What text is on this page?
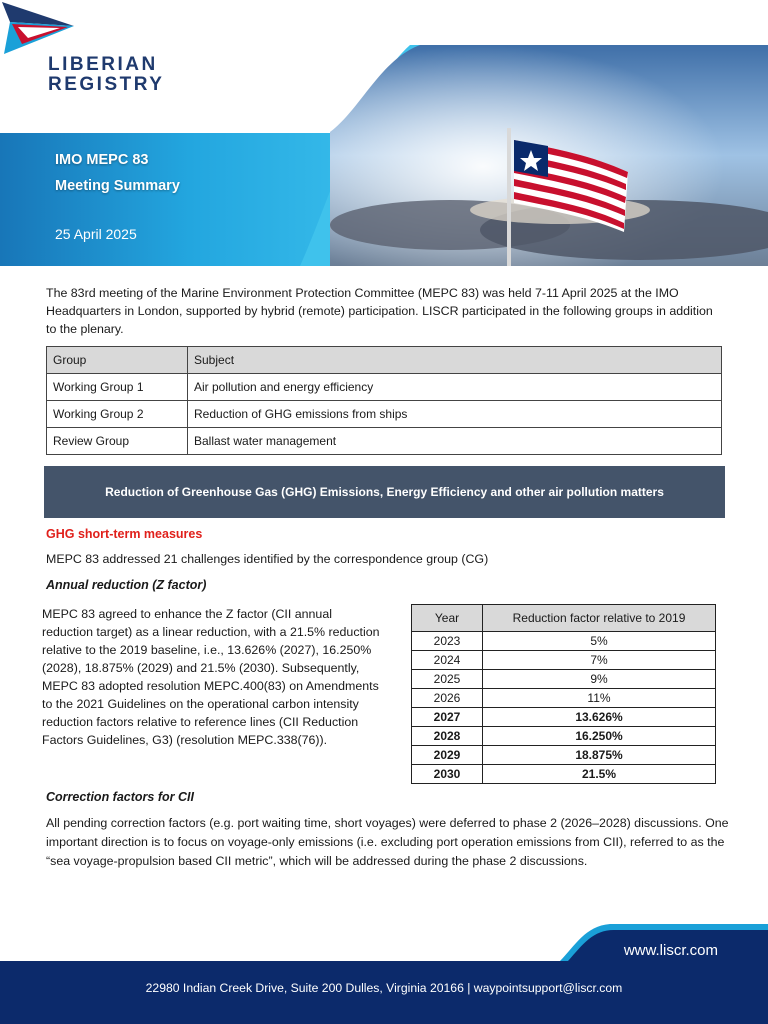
LIBERIAN
REGISTRY
IMO MEPC 83
Meeting Summary
25 April 2025

The 83rd meeting of the Marine Environment Protection Committee (MEPC 83) was held 7-11 April 2025 at the IMO Headquarters in London, supported by hybrid (remote) participation. LISCR participated in the following groups in addition to the plenary.

Group	Subject
Working Group 1	Air pollution and energy efficiency
Working Group 2	Reduction of GHG emissions from ships
Review Group	Ballast water management
Reduction of Greenhouse Gas (GHG) Emissions, Energy Efficiency and other air pollution matters
GHG short-term measures

MEPC 83 addressed 21 challenges identified by the correspondence group (CG)

Annual reduction (Z factor)

MEPC 83 agreed to enhance the Z factor (CII annual reduction target) as a linear reduction, with a 21.5% reduction relative to the 2019 baseline, i.e., 13.626% (2027), 16.250% (2028), 18.875% (2029) and 21.5% (2030). Subsequently, MEPC 83 adopted resolution MEPC.400(83) on Amendments to the 2021 Guidelines on the operational carbon intensity reduction factors relative to reference lines (CII Reduction Factors Guidelines, G3) (resolution MEPC.338(76)).

Year	Reduction factor relative to 2019
2023	5%
2024	7%
2025	9%
2026	11%
2027	13.626%
2028	16.250%
2029	18.875%
2030	21.5%
Correction factors for CII

All pending correction factors (e.g. port waiting time, short voyages) were deferred to phase 2 (2026–2028) discussions. One important direction is to focus on voyage-only emissions (i.e. excluding port operation emissions from CII), referred to as the “sea voyage-propulsion based CII metric”, which will be addressed during the phase 2 discussions.

www.liscr.com
22980 Indian Creek Drive, Suite 200 Dulles, Virginia 20166 | waypointsupport@liscr.com
